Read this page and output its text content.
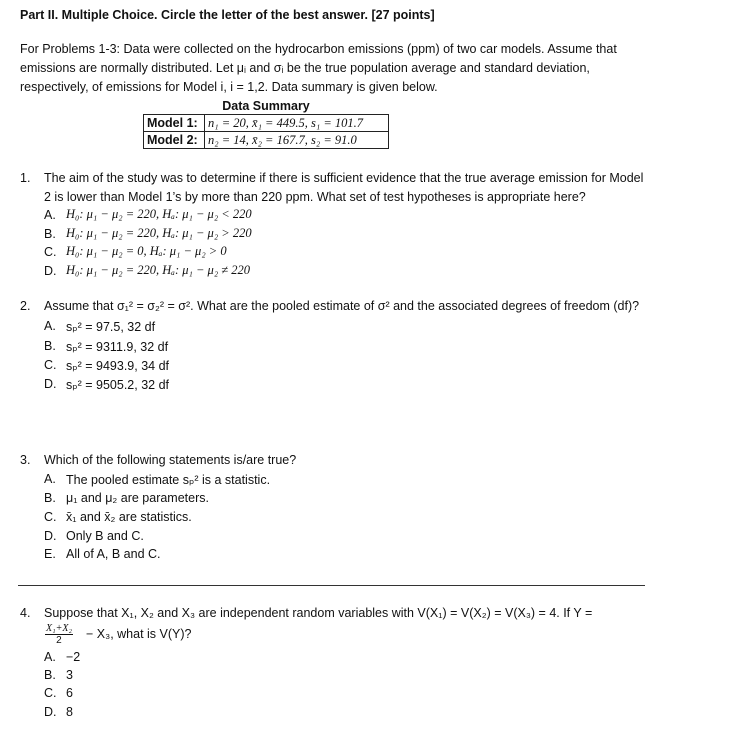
Part II. Multiple Choice. Circle the letter of the best answer. [27 points]
For Problems 1-3: Data were collected on the hydrocarbon emissions (ppm) of two car models. Assume that
emissions are normally distributed. Let μᵢ and σᵢ be the true population average and standard deviation,
respectively, of emissions for Model i, i = 1,2. Data summary is given below.
Data Summary	
Model 1:	n₁ = 20, x̄₁ = 449.5, s₁ = 101.7
Model 2:	n₂ = 14, x̄₂ = 167.7, s₂ = 91.0
1. The aim of the study was to determine if there is sufficient evidence that the true average emission for Model
2 is lower than Model 1’s by more than 220 ppm. What set of test hypotheses is appropriate here?
A. H₀: μ₁ − μ₂ = 220, Hₐ: μ₁ − μ₂ < 220
B. H₀: μ₁ − μ₂ = 220, Hₐ: μ₁ − μ₂ > 220
C. H₀: μ₁ − μ₂ = 0, Hₐ: μ₁ − μ₂ > 0
D. H₀: μ₁ − μ₂ = 220, Hₐ: μ₁ − μ₂ ≠ 220
2. Assume that σ₁² = σ₂² = σ². What are the pooled estimate of σ² and the associated degrees of freedom (df)?
A. sₚ² = 97.5, 32 df
B. sₚ² = 9311.9, 32 df
C. sₚ² = 9493.9, 34 df
D. sₚ² = 9505.2, 32 df
3. Which of the following statements is/are true?
A. The pooled estimate sₚ² is a statistic.
B. μ₁ and μ₂ are parameters.
C. x̄₁ and x̄₂ are statistics.
D. Only B and C.
E. All of A, B and C.
4. Suppose that X₁, X₂ and X₃ are independent random variables with V(X₁) = V(X₂) = V(X₃) = 4. If Y =
$\frac{\text{X₁+X₂}}{2} - X_3$, what is V(Y)?
A. −2
B. 3
C. 6
D. 8
